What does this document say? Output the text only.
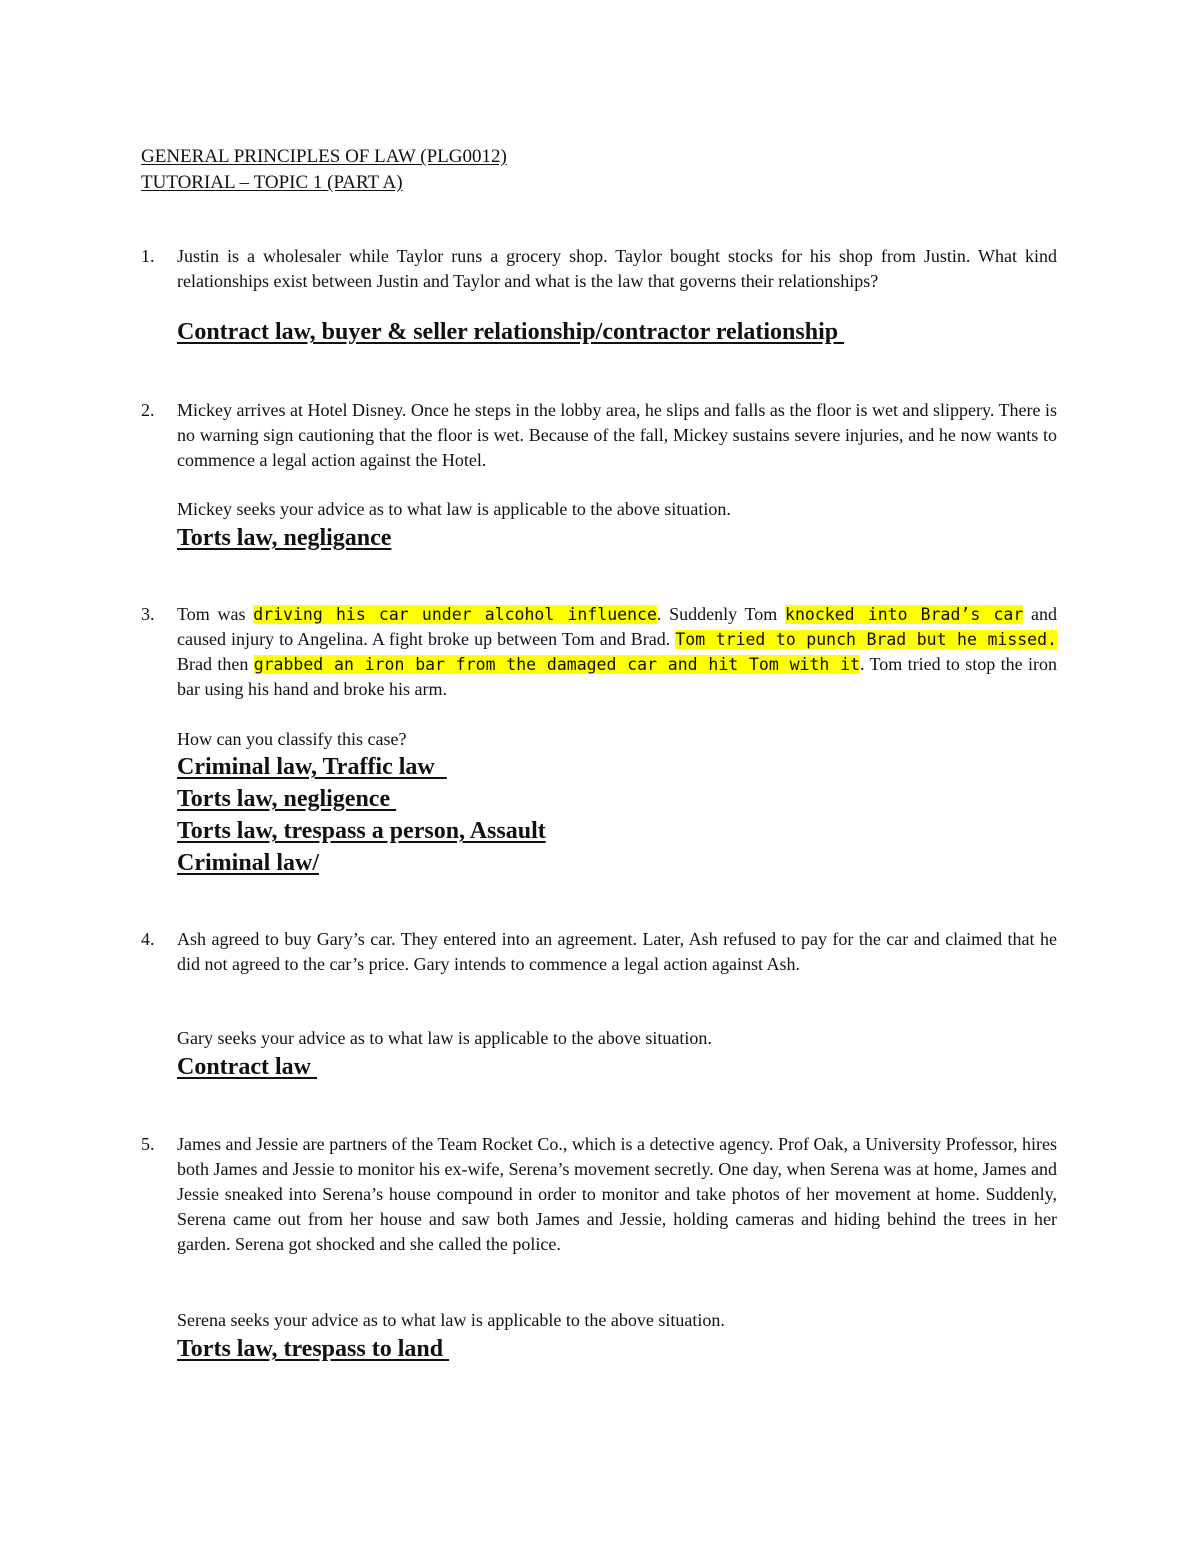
GENERAL PRINCIPLES OF LAW (PLG0012)
TUTORIAL – TOPIC 1 (PART A)
1.	Justin is a wholesaler while Taylor runs a grocery shop. Taylor bought stocks for his shop from Justin. What kind relationships exist between Justin and Taylor and what is the law that governs their relationships?
Contract law, buyer & seller relationship/contractor relationship
2.	Mickey arrives at Hotel Disney. Once he steps in the lobby area, he slips and falls as the floor is wet and slippery. There is no warning sign cautioning that the floor is wet. Because of the fall, Mickey sustains severe injuries, and he now wants to commence a legal action against the Hotel.
Mickey seeks your advice as to what law is applicable to the above situation.
Torts law, negligance
3.	Tom was driving his car under alcohol influence. Suddenly Tom knocked into Brad’s car and caused injury to Angelina. A fight broke up between Tom and Brad. Tom tried to punch Brad but he missed. Brad then grabbed an iron bar from the damaged car and hit Tom with it. Tom tried to stop the iron bar using his hand and broke his arm.
How can you classify this case?
Criminal law, Traffic law
Torts law, negligence
Torts law, trespass a person, Assault
Criminal law/
4.	Ash agreed to buy Gary’s car. They entered into an agreement. Later, Ash refused to pay for the car and claimed that he did not agreed to the car’s price. Gary intends to commence a legal action against Ash.
Gary seeks your advice as to what law is applicable to the above situation.
Contract law
5.	James and Jessie are partners of the Team Rocket Co., which is a detective agency. Prof Oak, a University Professor, hires both James and Jessie to monitor his ex-wife, Serena’s movement secretly. One day, when Serena was at home, James and Jessie sneaked into Serena’s house compound in order to monitor and take photos of her movement at home. Suddenly, Serena came out from her house and saw both James and Jessie, holding cameras and hiding behind the trees in her garden. Serena got shocked and she called the police.
Serena seeks your advice as to what law is applicable to the above situation.
Torts law, trespass to land
